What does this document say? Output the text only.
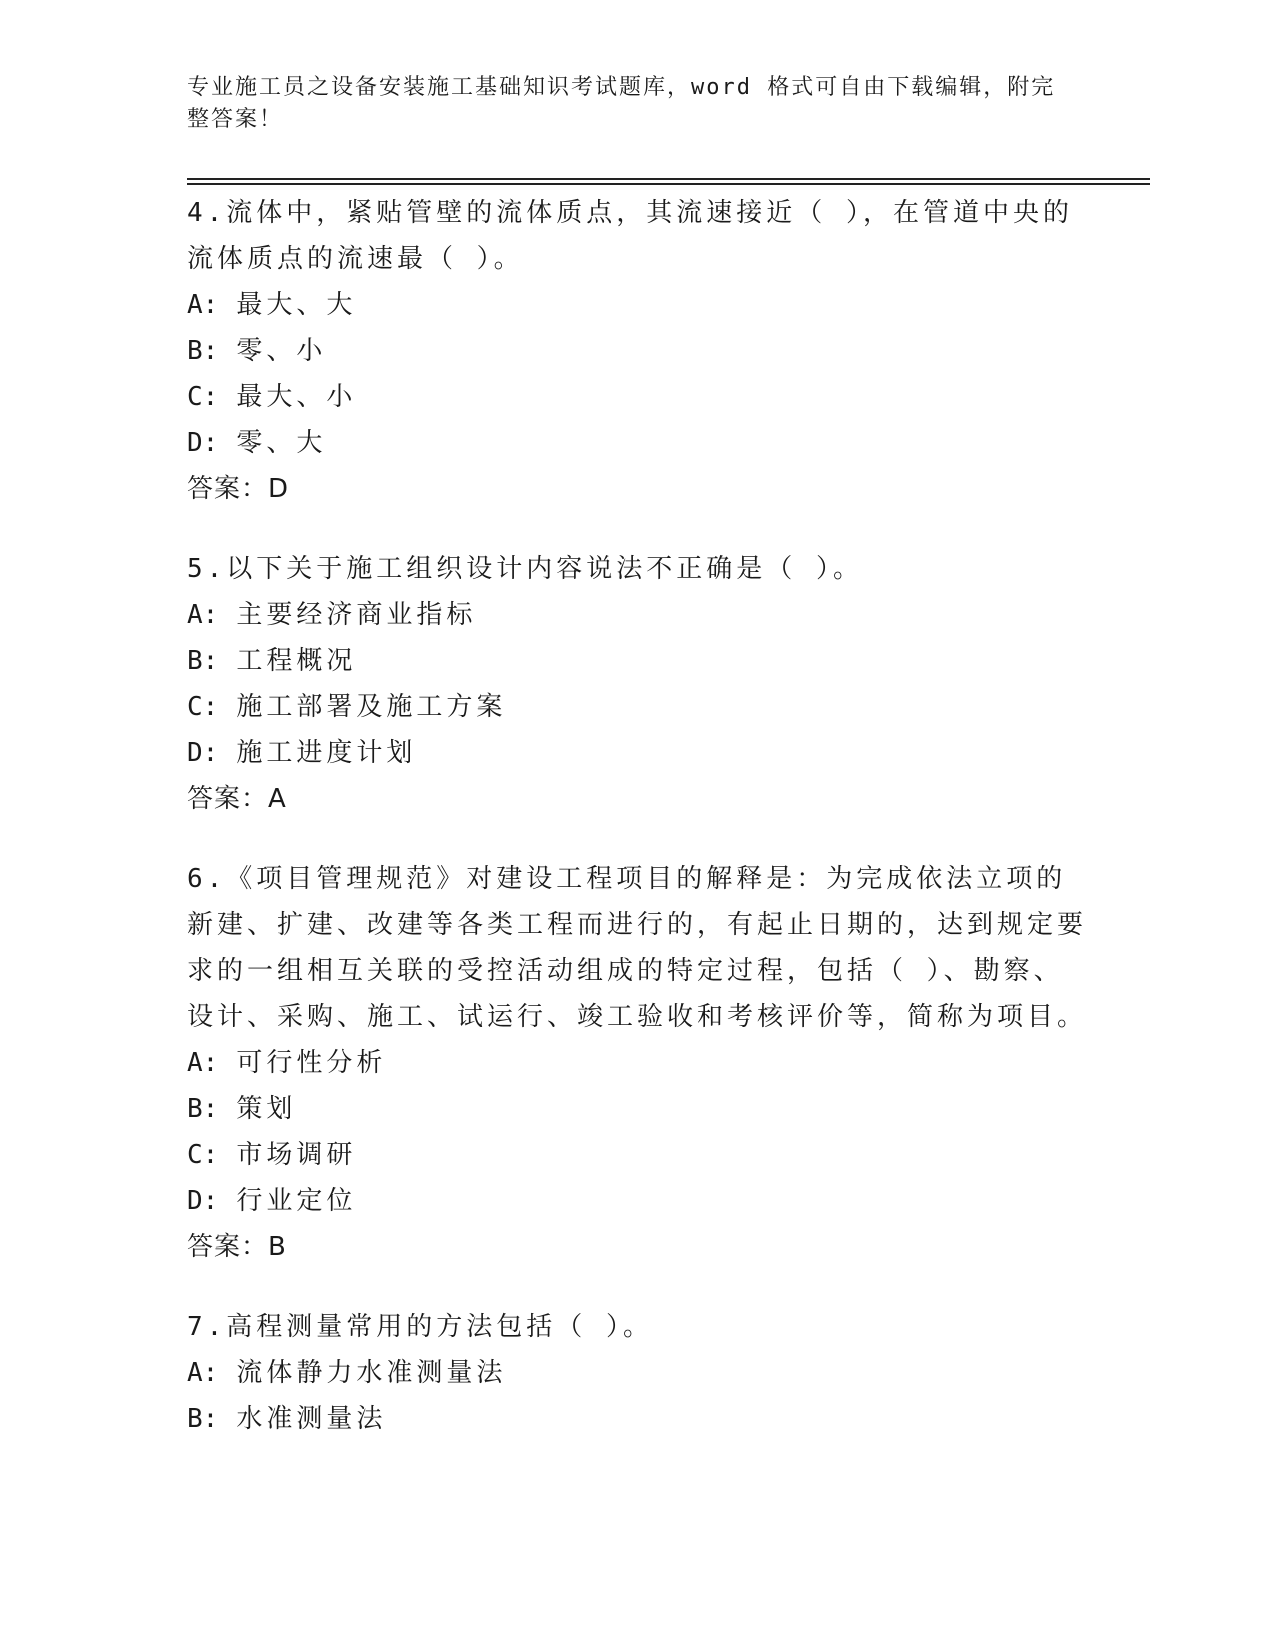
专业施工员之设备安装施工基础知识考试题库，word 格式可自由下载编辑，附完
整答案！

4.流体中，紧贴管壁的流体质点，其流速接近（ ），在管道中央的流体质点的流速最（ ）。

A: 最大、大

B: 零、小

C: 最大、小

D: 零、大

答案：D

5.以下关于施工组织设计内容说法不正确是（ ）。

A: 主要经济商业指标

B: 工程概况

C: 施工部署及施工方案

D: 施工进度计划

答案：A

6.《项目管理规范》对建设工程项目的解释是：为完成依法立项的新建、扩建、改建等各类工程而进行的，有起止日期的，达到规定要求的一组相互关联的受控活动组成的特定过程，包括（ ）、勘察、设计、采购、施工、试运行、竣工验收和考核评价等，简称为项目。

A: 可行性分析

B: 策划

C: 市场调研

D: 行业定位

答案：B

7.高程测量常用的方法包括（ ）。

A: 流体静力水准测量法

B: 水准测量法
